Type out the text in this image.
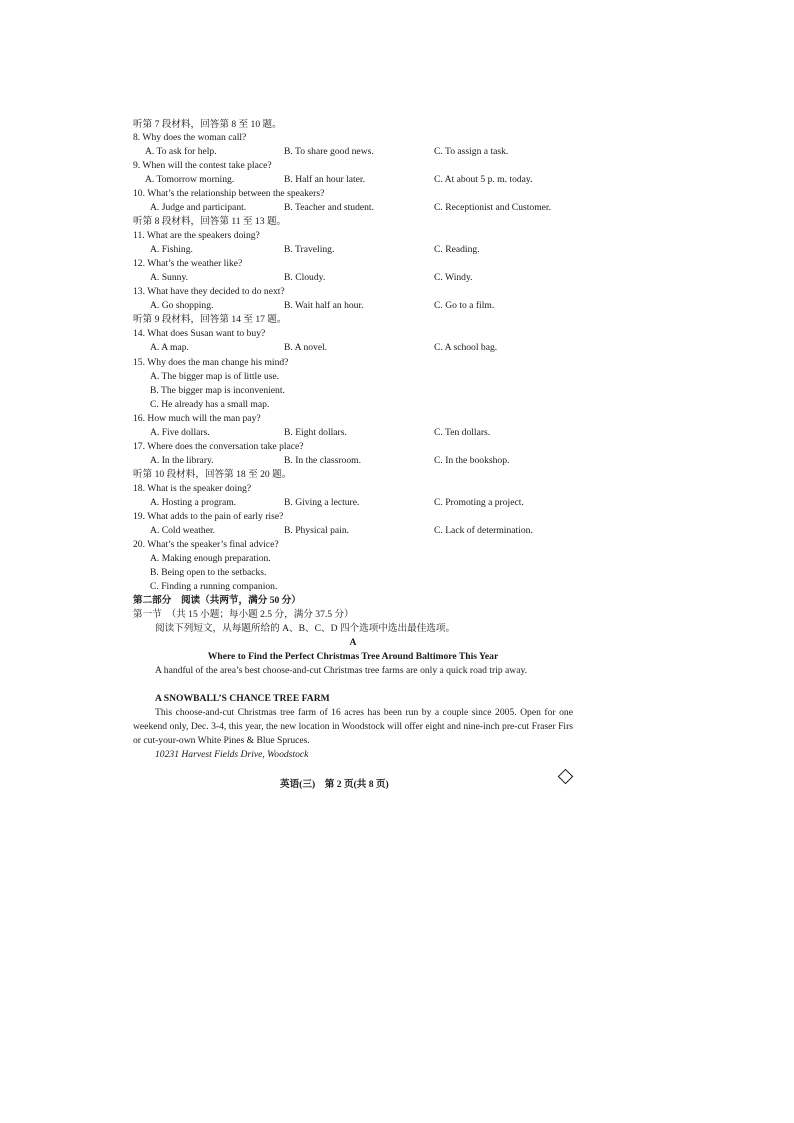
听第 7 段材料，回答第 8 至 10 题。
8. Why does the woman call?
A. To ask for help.	B. To share good news.	C. To assign a task.
9. When will the contest take place?
A. Tomorrow morning.	B. Half an hour later.	C. At about 5 p. m. today.
10. What’s the relationship between the speakers?
A. Judge and participant.	B. Teacher and student.	C. Receptionist and Customer.
听第 8 段材料，回答第 11 至 13 题。
11. What are the speakers doing?
A. Fishing.	B. Traveling.	C. Reading.
12. What’s the weather like?
A. Sunny.	B. Cloudy.	C. Windy.
13. What have they decided to do next?
A. Go shopping.	B. Wait half an hour.	C. Go to a film.
听第 9 段材料，回答第 14 至 17 题。
14. What does Susan want to buy?
A. A map.	B. A novel.	C. A school bag.
15. Why does the man change his mind?
A. The bigger map is of little use.
B. The bigger map is inconvenient.
C. He already has a small map.
16. How much will the man pay?
A. Five dollars.	B. Eight dollars.	C. Ten dollars.
17. Where does the conversation take place?
A. In the library.	B. In the classroom.	C. In the bookshop.
听第 10 段材料，回答第 18 至 20 题。
18. What is the speaker doing?
A. Hosting a program.	B. Giving a lecture.	C. Promoting a project.
19. What adds to the pain of early rise?
A. Cold weather.	B. Physical pain.	C. Lack of determination.
20. What’s the speaker’s final advice?
A. Making enough preparation.
B. Being open to the setbacks.
C. Finding a running companion.
第二部分　阅读（共两节，满分 50 分）
第一节　（共 15 小题；每小题 2.5 分，满分 37.5 分）
阅读下列短文，从每题所给的 A、B、C、D 四个选项中选出最佳选项。
A
Where to Find the Perfect Christmas Tree Around Baltimore This Year
A handful of the area’s best choose-and-cut Christmas tree farms are only a quick road trip away.
A SNOWBALL’S CHANCE TREE FARM
This choose-and-cut Christmas tree farm of 16 acres has been run by a couple since 2005. Open for one weekend only, Dec. 3-4, this year, the new location in Woodstock will offer eight and nine-inch pre-cut Fraser Firs or cut-your-own White Pines & Blue Spruces.
10231 Harvest Fields Drive, Woodstock
英语(三)　第 2 页(共 8 页)
